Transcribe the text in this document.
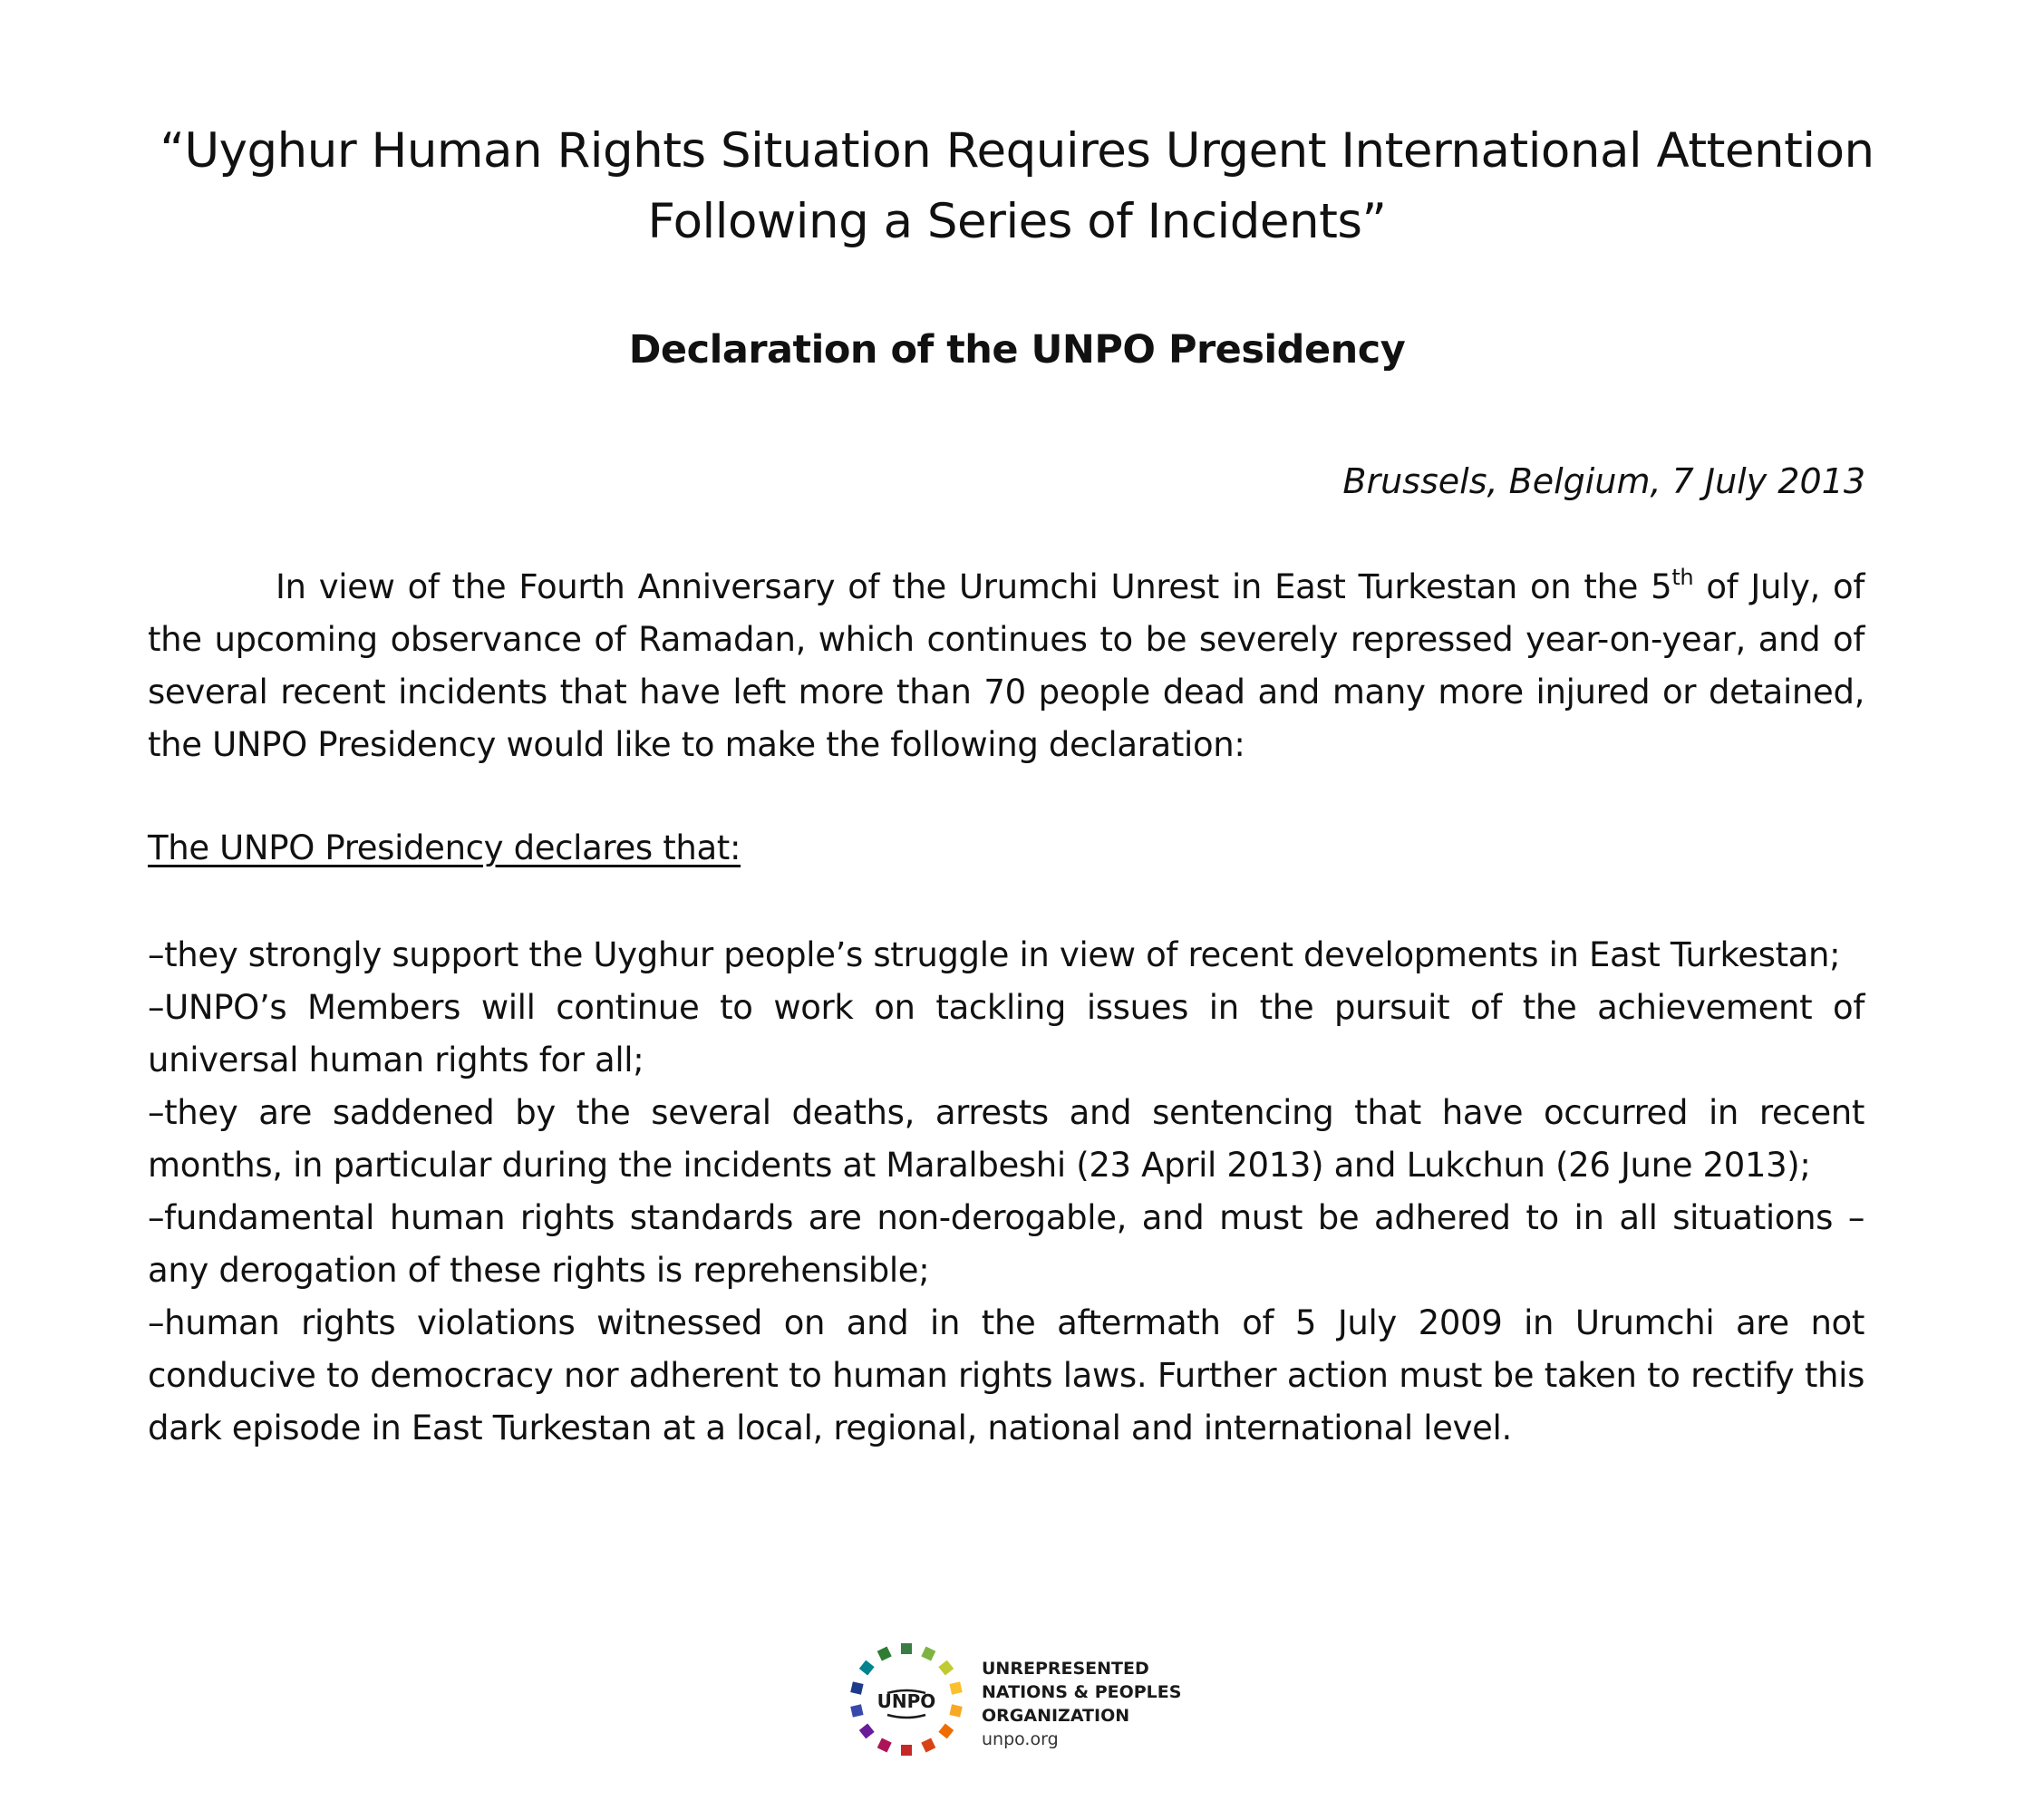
“Uyghur Human Rights Situation Requires Urgent International Attention
Following a Series of Incidents”
Declaration of the UNPO Presidency
Brussels, Belgium, 7 July 2013
In view of the Fourth Anniversary of the Urumchi Unrest in East Turkestan on the 5th of July, of the upcoming observance of Ramadan, which continues to be severely repressed year-on-year, and of several recent incidents that have left more than 70 people dead and many more injured or detained, the UNPO Presidency would like to make the following declaration:
The UNPO Presidency declares that:
–they strongly support the Uyghur people’s struggle in view of recent developments in East Turkestan;
–UNPO’s Members will continue to work on tackling issues in the pursuit of the achievement of universal human rights for all;
–they are saddened by the several deaths, arrests and sentencing that have occurred in recent months, in particular during the incidents at Maralbeshi (23 April 2013) and Lukchun (26 June 2013);
–fundamental human rights standards are non-derogable, and must be adhered to in all situations – any derogation of these rights is reprehensible;
–human rights violations witnessed on and in the aftermath of 5 July 2009 in Urumchi are not conducive to democracy nor adherent to human rights laws. Further action must be taken to rectify this dark episode in East Turkestan at a local, regional, national and international level.
UNPO
UNREPRESENTED
NATIONS & PEOPLES
ORGANIZATION
unpo.org
